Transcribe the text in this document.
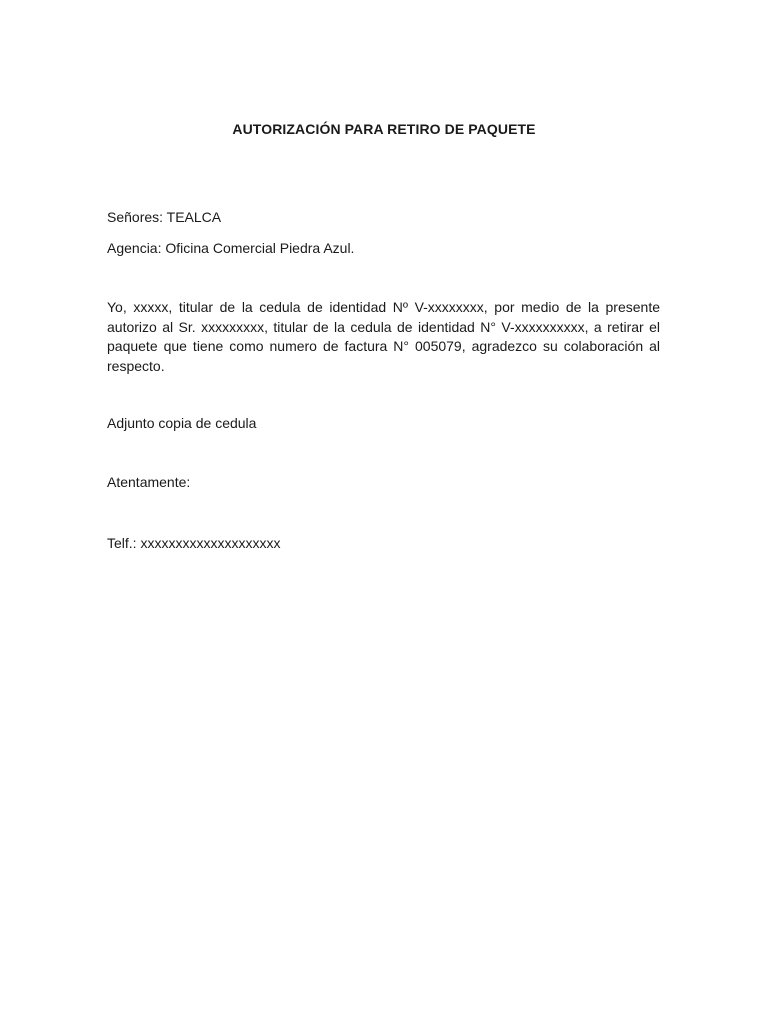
AUTORIZACIÓN PARA RETIRO DE PAQUETE
Señores: TEALCA
Agencia: Oficina Comercial Piedra Azul.

Yo, xxxxx, titular de la cedula de identidad Nº V-xxxxxxxx, por medio de la presente autorizo al Sr. xxxxxxxxx, titular de la cedula de identidad N° V-xxxxxxxxxx, a retirar el paquete que tiene como numero de factura N° 005079, agradezco su colaboración al respecto.

Adjunto copia de cedula
Atentamente:
Telf.: xxxxxxxxxxxxxxxxxxxx
